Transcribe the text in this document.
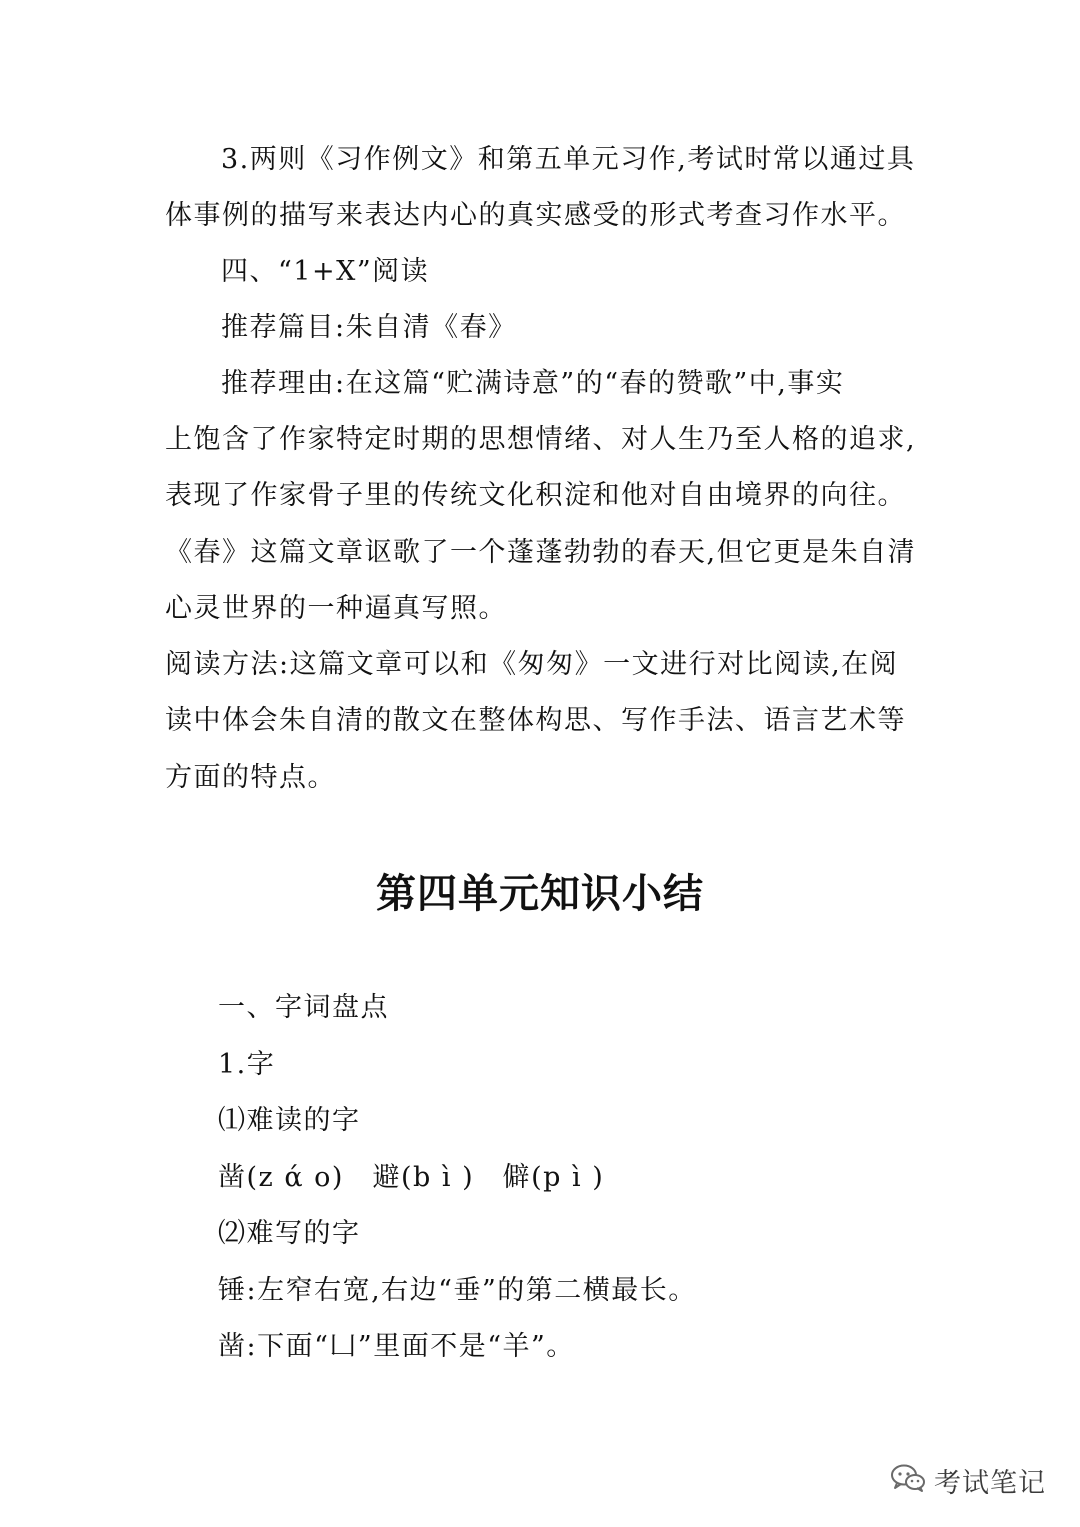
3.两则《习作例文》和第五单元习作,考试时常以通过具
体事例的描写来表达内心的真实感受的形式考查习作水平。
四、“1+X”阅读
推荐篇目:朱自清《春》
推荐理由:在这篇“贮满诗意”的“春的赞歌”中,事实
上饱含了作家特定时期的思想情绪、对人生乃至人格的追求,
表现了作家骨子里的传统文化积淀和他对自由境界的向往。
《春》这篇文章讴歌了一个蓬蓬勃勃的春天,但它更是朱自清
心灵世界的一种逼真写照。
阅读方法:这篇文章可以和《匆匆》一文进行对比阅读,在阅
读中体会朱自清的散文在整体构思、写作手法、语言艺术等
方面的特点。
第四单元知识小结
一、字词盘点
1.字
⑴难读的字
凿(z ά o)　避(b ì )　僻(p ì )
⑵难写的字
锤:左窄右宽,右边“垂”的第二横最长。
凿:下面“凵”里面不是“羊”。
考试笔记
